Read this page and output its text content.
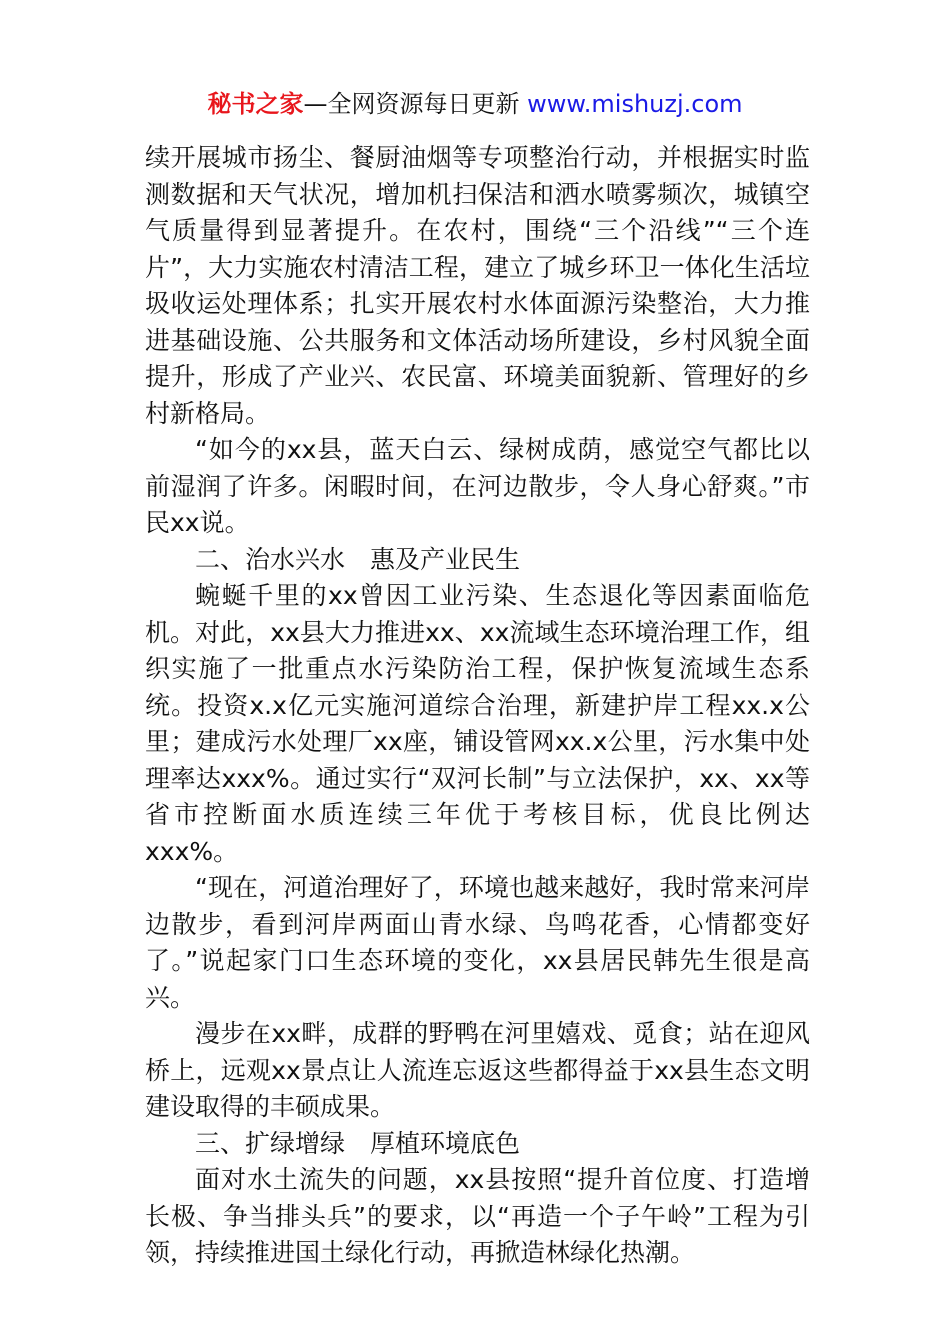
秘书之家—全网资源每日更新 www.mishuzj.com

续开展城市扬尘、餐厨油烟等专项整治行动，并根据实时监测数据和天气状况，增加机扫保洁和洒水喷雾频次，城镇空气质量得到显著提升。在农村，围绕“三个沿线”“三个连片”，大力实施农村清洁工程，建立了城乡环卫一体化生活垃圾收运处理体系；扎实开展农村水体面源污染整治，大力推进基础设施、公共服务和文体活动场所建设，乡村风貌全面提升，形成了产业兴、农民富、环境美面貌新、管理好的乡村新格局。

“如今的xx县，蓝天白云、绿树成荫，感觉空气都比以前湿润了许多。闲暇时间，在河边散步，令人身心舒爽。”市民xx说。

二、治水兴水　惠及产业民生

蜿蜒千里的xx曾因工业污染、生态退化等因素面临危机。对此，xx县大力推进xx、xx流域生态环境治理工作，组织实施了一批重点水污染防治工程，保护恢复流域生态系统。投资x.x亿元实施河道综合治理，新建护岸工程xx.x公里；建成污水处理厂xx座，铺设管网xx.x公里，污水集中处理率达xxx%。通过实行“双河长制”与立法保护，xx、xx等省市控断面水质连续三年优于考核目标，优良比例达xxx%。

“现在，河道治理好了，环境也越来越好，我时常来河岸边散步，看到河岸两面山青水绿、鸟鸣花香，心情都变好了。”说起家门口生态环境的变化，xx县居民韩先生很是高兴。

漫步在xx畔，成群的野鸭在河里嬉戏、觅食；站在迎风桥上，远观xx景点让人流连忘返这些都得益于xx县生态文明建设取得的丰硕成果。

三、扩绿增绿　厚植环境底色

面对水土流失的问题，xx县按照“提升首位度、打造增长极、争当排头兵”的要求，以“再造一个子午岭”工程为引领，持续推进国土绿化行动，再掀造林绿化热潮。
